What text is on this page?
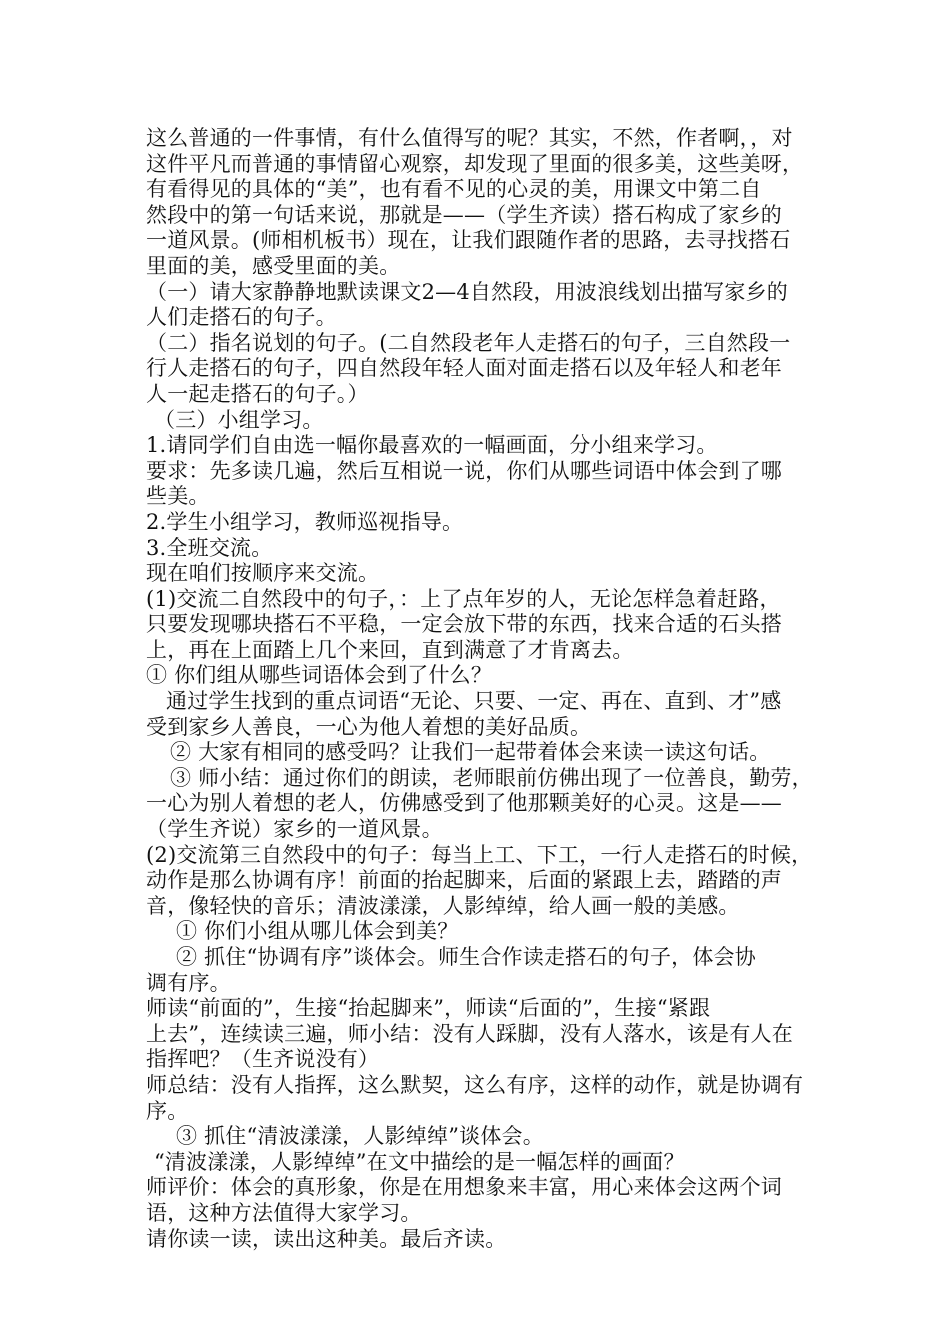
这么普通的一件事情，有什么值得写的呢？其实，不然，作者啊，，对
这件平凡而普通的事情留心观察，却发现了里面的很多美，这些美呀，
有看得见的具体的“美”，也有看不见的心灵的美，用课文中第二自
然段中的第一句话来说，那就是——（学生齐读）搭石构成了家乡的
一道风景。(师相机板书）现在，让我们跟随作者的思路，去寻找搭石
里面的美，感受里面的美。
（一）请大家静静地默读课文2—4自然段，用波浪线划出描写家乡的
人们走搭石的句子。
（二）指名说划的句子。(二自然段老年人走搭石的句子，三自然段一
行人走搭石的句子，四自然段年轻人面对面走搭石以及年轻人和老年
人一起走搭石的句子。）
（三）小组学习。
1.请同学们自由选一幅你最喜欢的一幅画面，分小组来学习。
要求：先多读几遍，然后互相说一说，你们从哪些词语中体会到了哪
些美。
2.学生小组学习，教师巡视指导。
3.全班交流。
现在咱们按顺序来交流。
(1)交流二自然段中的句子，：上了点年岁的人，无论怎样急着赶路，
只要发现哪块搭石不平稳，一定会放下带的东西，找来合适的石头搭
上，再在上面踏上几个来回，直到满意了才肯离去。
① 你们组从哪些词语体会到了什么？
通过学生找到的重点词语“无论、只要、一定、再在、直到、才”感
受到家乡人善良，一心为他人着想的美好品质。
② 大家有相同的感受吗？让我们一起带着体会来读一读这句话。
③ 师小结：通过你们的朗读，老师眼前仿佛出现了一位善良，勤劳，
一心为别人着想的老人，仿佛感受到了他那颗美好的心灵。这是——
（学生齐说）家乡的一道风景。
(2)交流第三自然段中的句子：每当上工、下工，一行人走搭石的时候，
动作是那么协调有序！前面的抬起脚来，后面的紧跟上去，踏踏的声
音，像轻快的音乐；清波漾漾，人影绰绰，给人画一般的美感。
① 你们小组从哪儿体会到美？
② 抓住“协调有序”谈体会。师生合作读走搭石的句子，体会协
调有序。
师读“前面的”，生接“抬起脚来”，师读“后面的”，生接“紧跟
上去”，连续读三遍，师小结：没有人踩脚，没有人落水，该是有人在
指挥吧？（生齐说没有）
师总结：没有人指挥，这么默契，这么有序，这样的动作，就是协调有
序。
③ 抓住“清波漾漾，人影绰绰”谈体会。
“清波漾漾，人影绰绰”在文中描绘的是一幅怎样的画面？
师评价：体会的真形象，你是在用想象来丰富，用心来体会这两个词
语，这种方法值得大家学习。
请你读一读，读出这种美。最后齐读。
